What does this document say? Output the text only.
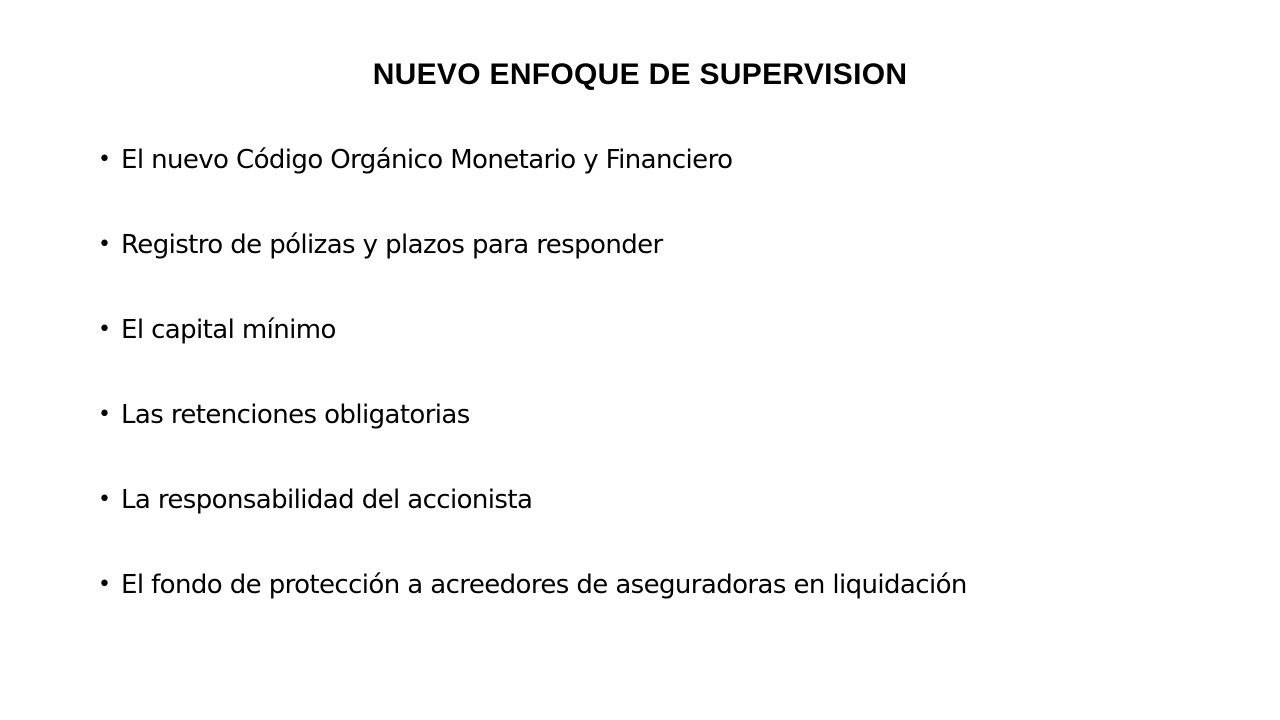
NUEVO ENFOQUE DE SUPERVISION
• El nuevo Código Orgánico Monetario y Financiero
• Registro de pólizas y plazos para responder
• El capital mínimo
• Las retenciones obligatorias
• La responsabilidad del accionista
• El fondo de protección a acreedores de aseguradoras en liquidación
